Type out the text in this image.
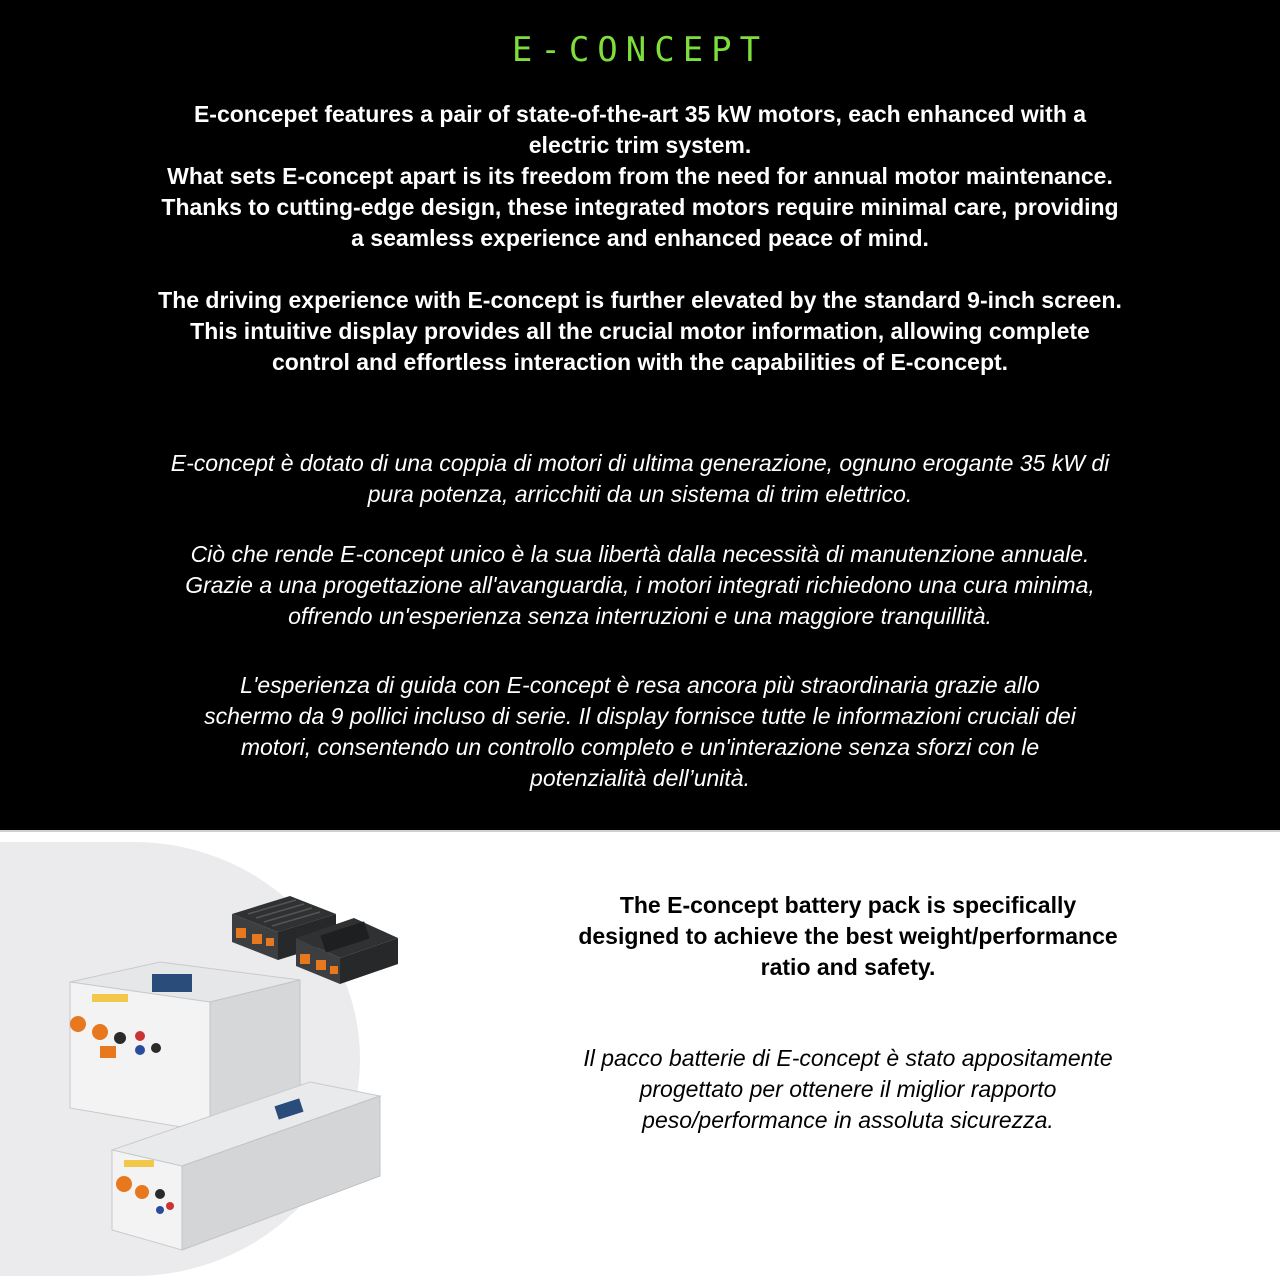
E-CONCEPT

E-concepet features a pair of state-of-the-art 35 kW motors, each enhanced with a electric trim system.
What sets E-concept apart is its freedom from the need for annual motor maintenance. Thanks to cutting-edge design, these integrated motors require minimal care, providing a seamless experience and enhanced peace of mind.

The driving experience with E-concept is further elevated by the standard 9-inch screen. This intuitive display provides all the crucial motor information, allowing complete control and effortless interaction with the capabilities of E-concept.

E-concept è dotato di una coppia di motori di ultima generazione, ognuno erogante 35 kW di pura potenza, arricchiti da un sistema di trim elettrico.

Ciò che rende E-concept unico è la sua libertà dalla necessità di manutenzione annuale. Grazie a una progettazione all'avanguardia, i motori integrati richiedono una cura minima, offrendo un'esperienza senza interruzioni e una maggiore tranquillità.

L'esperienza di guida con E-concept è resa ancora più straordinaria grazie allo schermo da 9 pollici incluso di serie. Il display fornisce tutte le informazioni cruciali dei motori, consentendo un controllo completo e un'interazione senza sforzi con le potenzialità dell’unità.

The E-concept battery pack is specifically designed to achieve the best weight/performance ratio and safety.

Il pacco batterie di E-concept è stato appositamente progettato per ottenere il miglior rapporto peso/performance in assoluta sicurezza.
